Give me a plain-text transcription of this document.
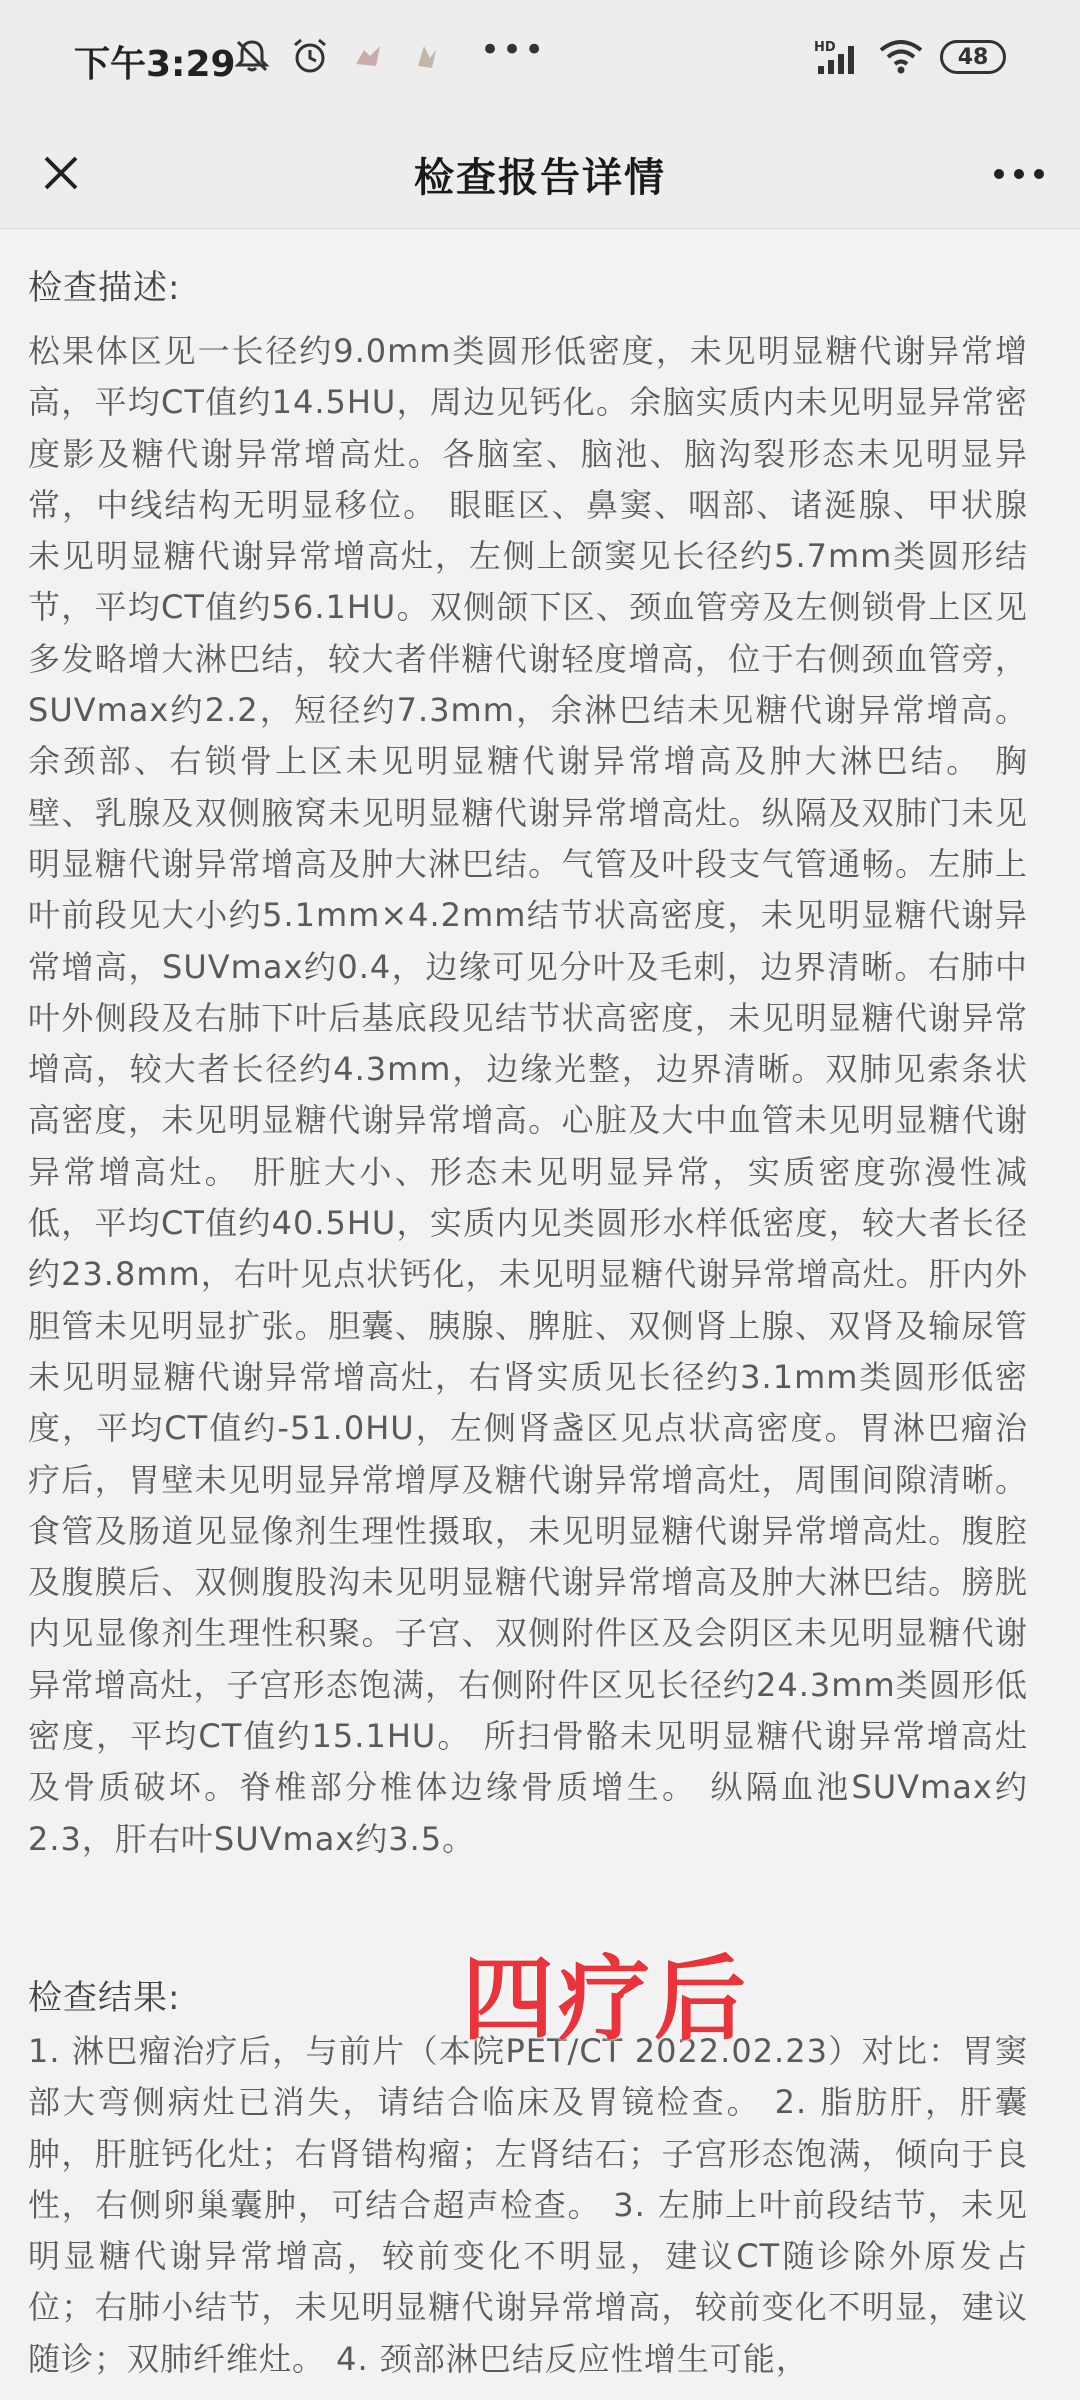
下午3:29	•••	HD	48
检查报告详情
检查描述:

松果体区见一长径约9.0mm类圆形低密度，未见明显糖代谢异常增高，平均CT值约14.5HU，周边见钙化。余脑实质内未见明显异常密度影及糖代谢异常增高灶。各脑室、脑池、脑沟裂形态未见明显异常，中线结构无明显移位。 眼眶区、鼻窦、咽部、诸涎腺、甲状腺未见明显糖代谢异常增高灶，左侧上颌窦见长径约5.7mm类圆形结节，平均CT值约56.1HU。双侧颌下区、颈血管旁及左侧锁骨上区见多发略增大淋巴结，较大者伴糖代谢轻度增高，位于右侧颈血管旁，SUVmax约2.2，短径约7.3mm，余淋巴结未见糖代谢异常增高。余颈部、右锁骨上区未见明显糖代谢异常增高及肿大淋巴结。 胸壁、乳腺及双侧腋窝未见明显糖代谢异常增高灶。纵隔及双肺门未见明显糖代谢异常增高及肿大淋巴结。气管及叶段支气管通畅。左肺上叶前段见大小约5.1mm×4.2mm结节状高密度，未见明显糖代谢异常增高，SUVmax约0.4，边缘可见分叶及毛刺，边界清晰。右肺中叶外侧段及右肺下叶后基底段见结节状高密度，未见明显糖代谢异常增高，较大者长径约4.3mm，边缘光整，边界清晰。双肺见索条状高密度，未见明显糖代谢异常增高。心脏及大中血管未见明显糖代谢异常增高灶。 肝脏大小、形态未见明显异常，实质密度弥漫性减低，平均CT值约40.5HU，实质内见类圆形水样低密度，较大者长径约23.8mm，右叶见点状钙化，未见明显糖代谢异常增高灶。肝内外胆管未见明显扩张。胆囊、胰腺、脾脏、双侧肾上腺、双肾及输尿管未见明显糖代谢异常增高灶，右肾实质见长径约3.1mm类圆形低密度，平均CT值约-51.0HU，左侧肾盏区见点状高密度。胃淋巴瘤治疗后，胃壁未见明显异常增厚及糖代谢异常增高灶，周围间隙清晰。食管及肠道见显像剂生理性摄取，未见明显糖代谢异常增高灶。腹腔及腹膜后、双侧腹股沟未见明显糖代谢异常增高及肿大淋巴结。膀胱内见显像剂生理性积聚。子宫、双侧附件区及会阴区未见明显糖代谢异常增高灶，子宫形态饱满，右侧附件区见长径约24.3mm类圆形低密度，平均CT值约15.1HU。 所扫骨骼未见明显糖代谢异常增高灶及骨质破坏。脊椎部分椎体边缘骨质增生。 纵隔血池SUVmax约2.3，肝右叶SUVmax约3.5。

检查结果:

1. 淋巴瘤治疗后，与前片（本院PET/CT 2022.02.23）对比：胃窦部大弯侧病灶已消失，请结合临床及胃镜检查。 2. 脂肪肝，肝囊肿，肝脏钙化灶；右肾错构瘤；左肾结石；子宫形态饱满，倾向于良性，右侧卵巢囊肿，可结合超声检查。 3. 左肺上叶前段结节，未见明显糖代谢异常增高，较前变化不明显，建议CT随诊除外原发占位；右肺小结节，未见明显糖代谢异常增高，较前变化不明显，建议随诊；双肺纤维灶。 4. 颈部淋巴结反应性增生可能，

四疗后
